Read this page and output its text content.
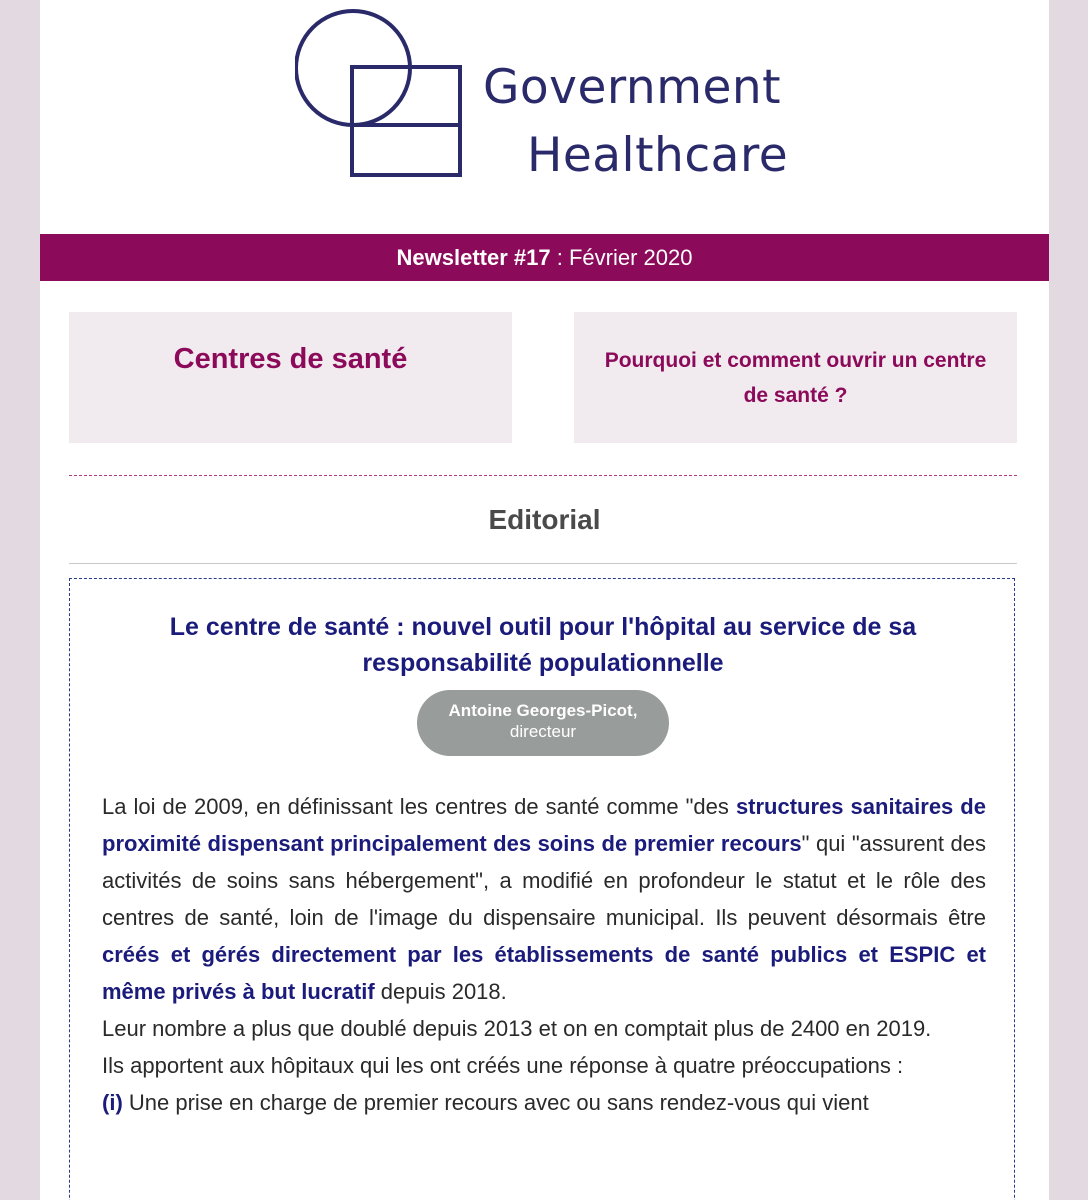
Government
Healthcare
Newsletter #17 : Février 2020
Centres de santé	Pourquoi et comment ouvrir un centre de santé ?
Editorial
Le centre de santé : nouvel outil pour l'hôpital au service de sa responsabilité populationnelle
Antoine Georges-Picot,
directeur

La loi de 2009, en définissant les centres de santé comme "des structures sanitaires de proximité dispensant principalement des soins de premier recours" qui "assurent des activités de soins sans hébergement", a modifié en profondeur le statut et le rôle des centres de santé, loin de l'image du dispensaire municipal. Ils peuvent désormais être créés et gérés directement par les établissements de santé publics et ESPIC et même privés à but lucratif depuis 2018.

Leur nombre a plus que doublé depuis 2013 et on en comptait plus de 2400 en 2019.

Ils apportent aux hôpitaux qui les ont créés une réponse à quatre préoccupations :

(i) Une prise en charge de premier recours avec ou sans rendez-vous qui vient
